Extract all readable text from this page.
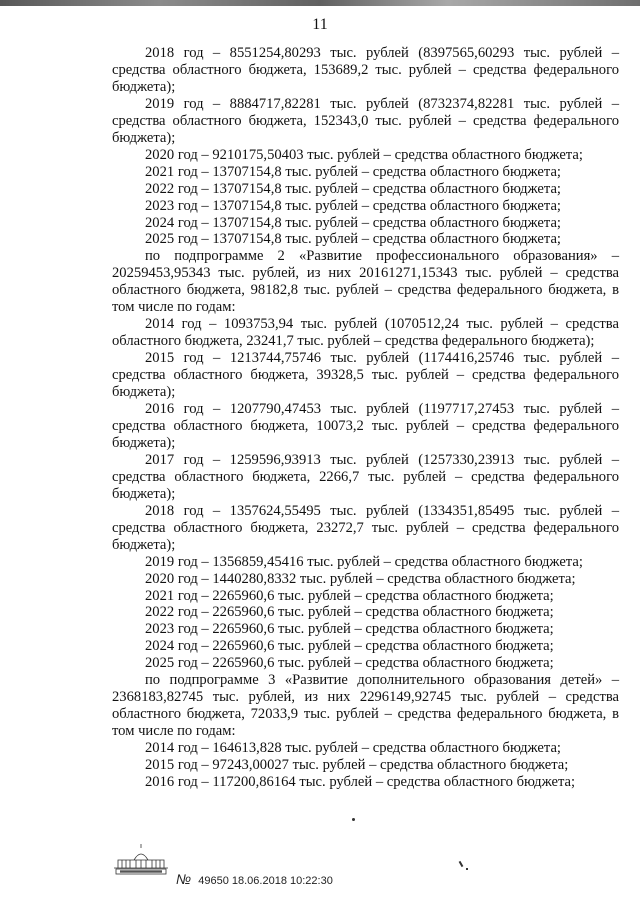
11

2018 год – 8551254,80293 тыс. рублей (8397565,60293 тыс. рублей – средства областного бюджета, 153689,2 тыс. рублей – средства федерального бюджета);

2019 год – 8884717,82281 тыс. рублей (8732374,82281 тыс. рублей – средства областного бюджета, 152343,0 тыс. рублей – средства федерального бюджета);

2020 год – 9210175,50403 тыс. рублей – средства областного бюджета;

2021 год – 13707154,8 тыс. рублей – средства областного бюджета;

2022 год – 13707154,8 тыс. рублей – средства областного бюджета;

2023 год – 13707154,8 тыс. рублей – средства областного бюджета;

2024 год – 13707154,8 тыс. рублей – средства областного бюджета;

2025 год – 13707154,8 тыс. рублей – средства областного бюджета;

по подпрограмме 2 «Развитие профессионального образования» – 20259453,95343 тыс. рублей, из них 20161271,15343 тыс. рублей – средства областного бюджета, 98182,8 тыс. рублей – средства федерального бюджета, в том числе по годам:

2014 год – 1093753,94 тыс. рублей (1070512,24 тыс. рублей – средства областного бюджета, 23241,7 тыс. рублей – средства федерального бюджета);

2015 год – 1213744,75746 тыс. рублей (1174416,25746 тыс. рублей – средства областного бюджета, 39328,5 тыс. рублей – средства федерального бюджета);

2016 год – 1207790,47453 тыс. рублей (1197717,27453 тыс. рублей – средства областного бюджета, 10073,2 тыс. рублей – средства федерального бюджета);

2017 год – 1259596,93913 тыс. рублей (1257330,23913 тыс. рублей – средства областного бюджета, 2266,7 тыс. рублей – средства федерального бюджета);

2018 год – 1357624,55495 тыс. рублей (1334351,85495 тыс. рублей – средства областного бюджета, 23272,7 тыс. рублей – средства федерального бюджета);

2019 год – 1356859,45416 тыс. рублей – средства областного бюджета;

2020 год – 1440280,8332 тыс. рублей – средства областного бюджета;

2021 год – 2265960,6 тыс. рублей – средства областного бюджета;

2022 год – 2265960,6 тыс. рублей – средства областного бюджета;

2023 год – 2265960,6 тыс. рублей – средства областного бюджета;

2024 год – 2265960,6 тыс. рублей – средства областного бюджета;

2025 год – 2265960,6 тыс. рублей – средства областного бюджета;

по подпрограмме 3 «Развитие дополнительного образования детей» – 2368183,82745 тыс. рублей, из них 2296149,92745 тыс. рублей – средства областного бюджета, 72033,9 тыс. рублей – средства федерального бюджета, в том числе по годам:

2014 год – 164613,828 тыс. рублей – средства областного бюджета;

2015 год – 97243,00027 тыс. рублей – средства областного бюджета;

2016 год – 117200,86164 тыс. рублей – средства областного бюджета;

№ 49650 18.06.2018 10:22:30
